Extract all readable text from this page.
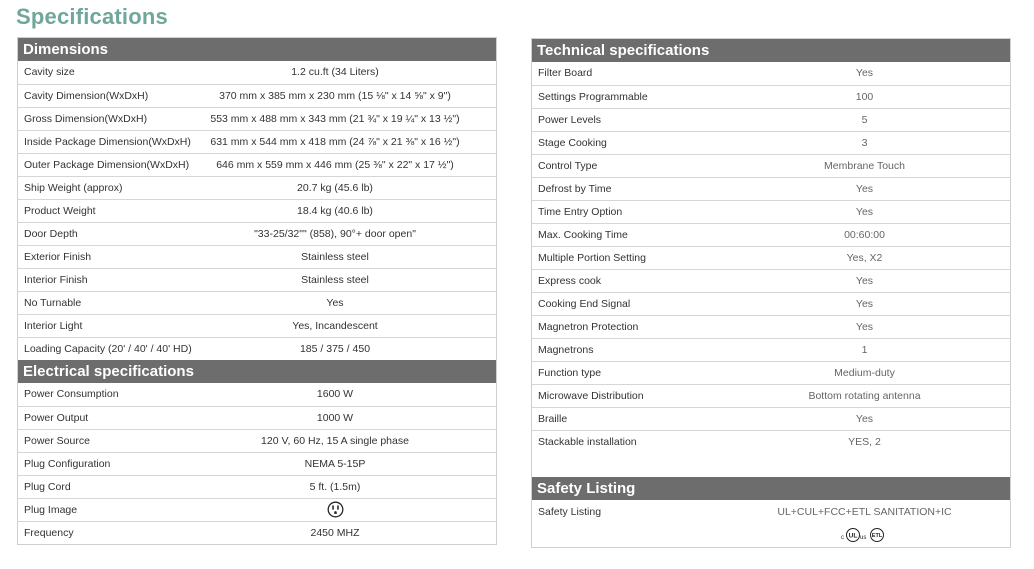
Specifications
Dimensions
Cavity size	1.2 cu.ft (34 Liters)
Cavity Dimension(WxDxH)	370 mm x 385 mm x 230 mm (15 ⅛" x 14 ⅝" x 9")
Gross Dimension(WxDxH)	553 mm x 488 mm x 343 mm (21 ¾" x 19 ¼" x 13 ½")
Inside Package Dimension(WxDxH)	631 mm x 544 mm x 418 mm (24 ⅞" x 21 ⅜" x 16 ½")
Outer Package Dimension(WxDxH)	646 mm x 559 mm x 446 mm (25 ⅜" x 22" x 17 ½")
Ship Weight (approx)	20.7 kg (45.6 lb)
Product Weight	18.4 kg (40.6 lb)
Door Depth	"33-25/32"" (858), 90°+ door open"
Exterior Finish	Stainless steel
Interior Finish	Stainless steel
No Turnable	Yes
Interior Light	Yes, Incandescent
Loading Capacity (20' / 40' / 40' HD)	185 / 375 / 450
Electrical specifications
Power Consumption	1600 W
Power Output	1000 W
Power Source	120 V, 60 Hz, 15 A single phase
Plug Configuration	NEMA 5-15P
Plug Cord	5 ft. (1.5m)
Plug Image	
Frequency	2450 MHZ
Technical specifications
Filter Board	Yes
Settings Programmable	100
Power Levels	5
Stage Cooking	3
Control Type	Membrane Touch
Defrost by Time	Yes
Time Entry Option	Yes
Max. Cooking Time	00:60:00
Multiple Portion Setting	Yes, X2
Express cook	Yes
Cooking End Signal	Yes
Magnetron Protection	Yes
Magnetrons	1
Function type	Medium-duty
Microwave Distribution	Bottom rotating antenna
Braille	Yes
Stackable installation	YES, 2

Safety Listing
Safety Listing	UL+CUL+FCC+ETL SANITATION+IC

c UL us ETL
